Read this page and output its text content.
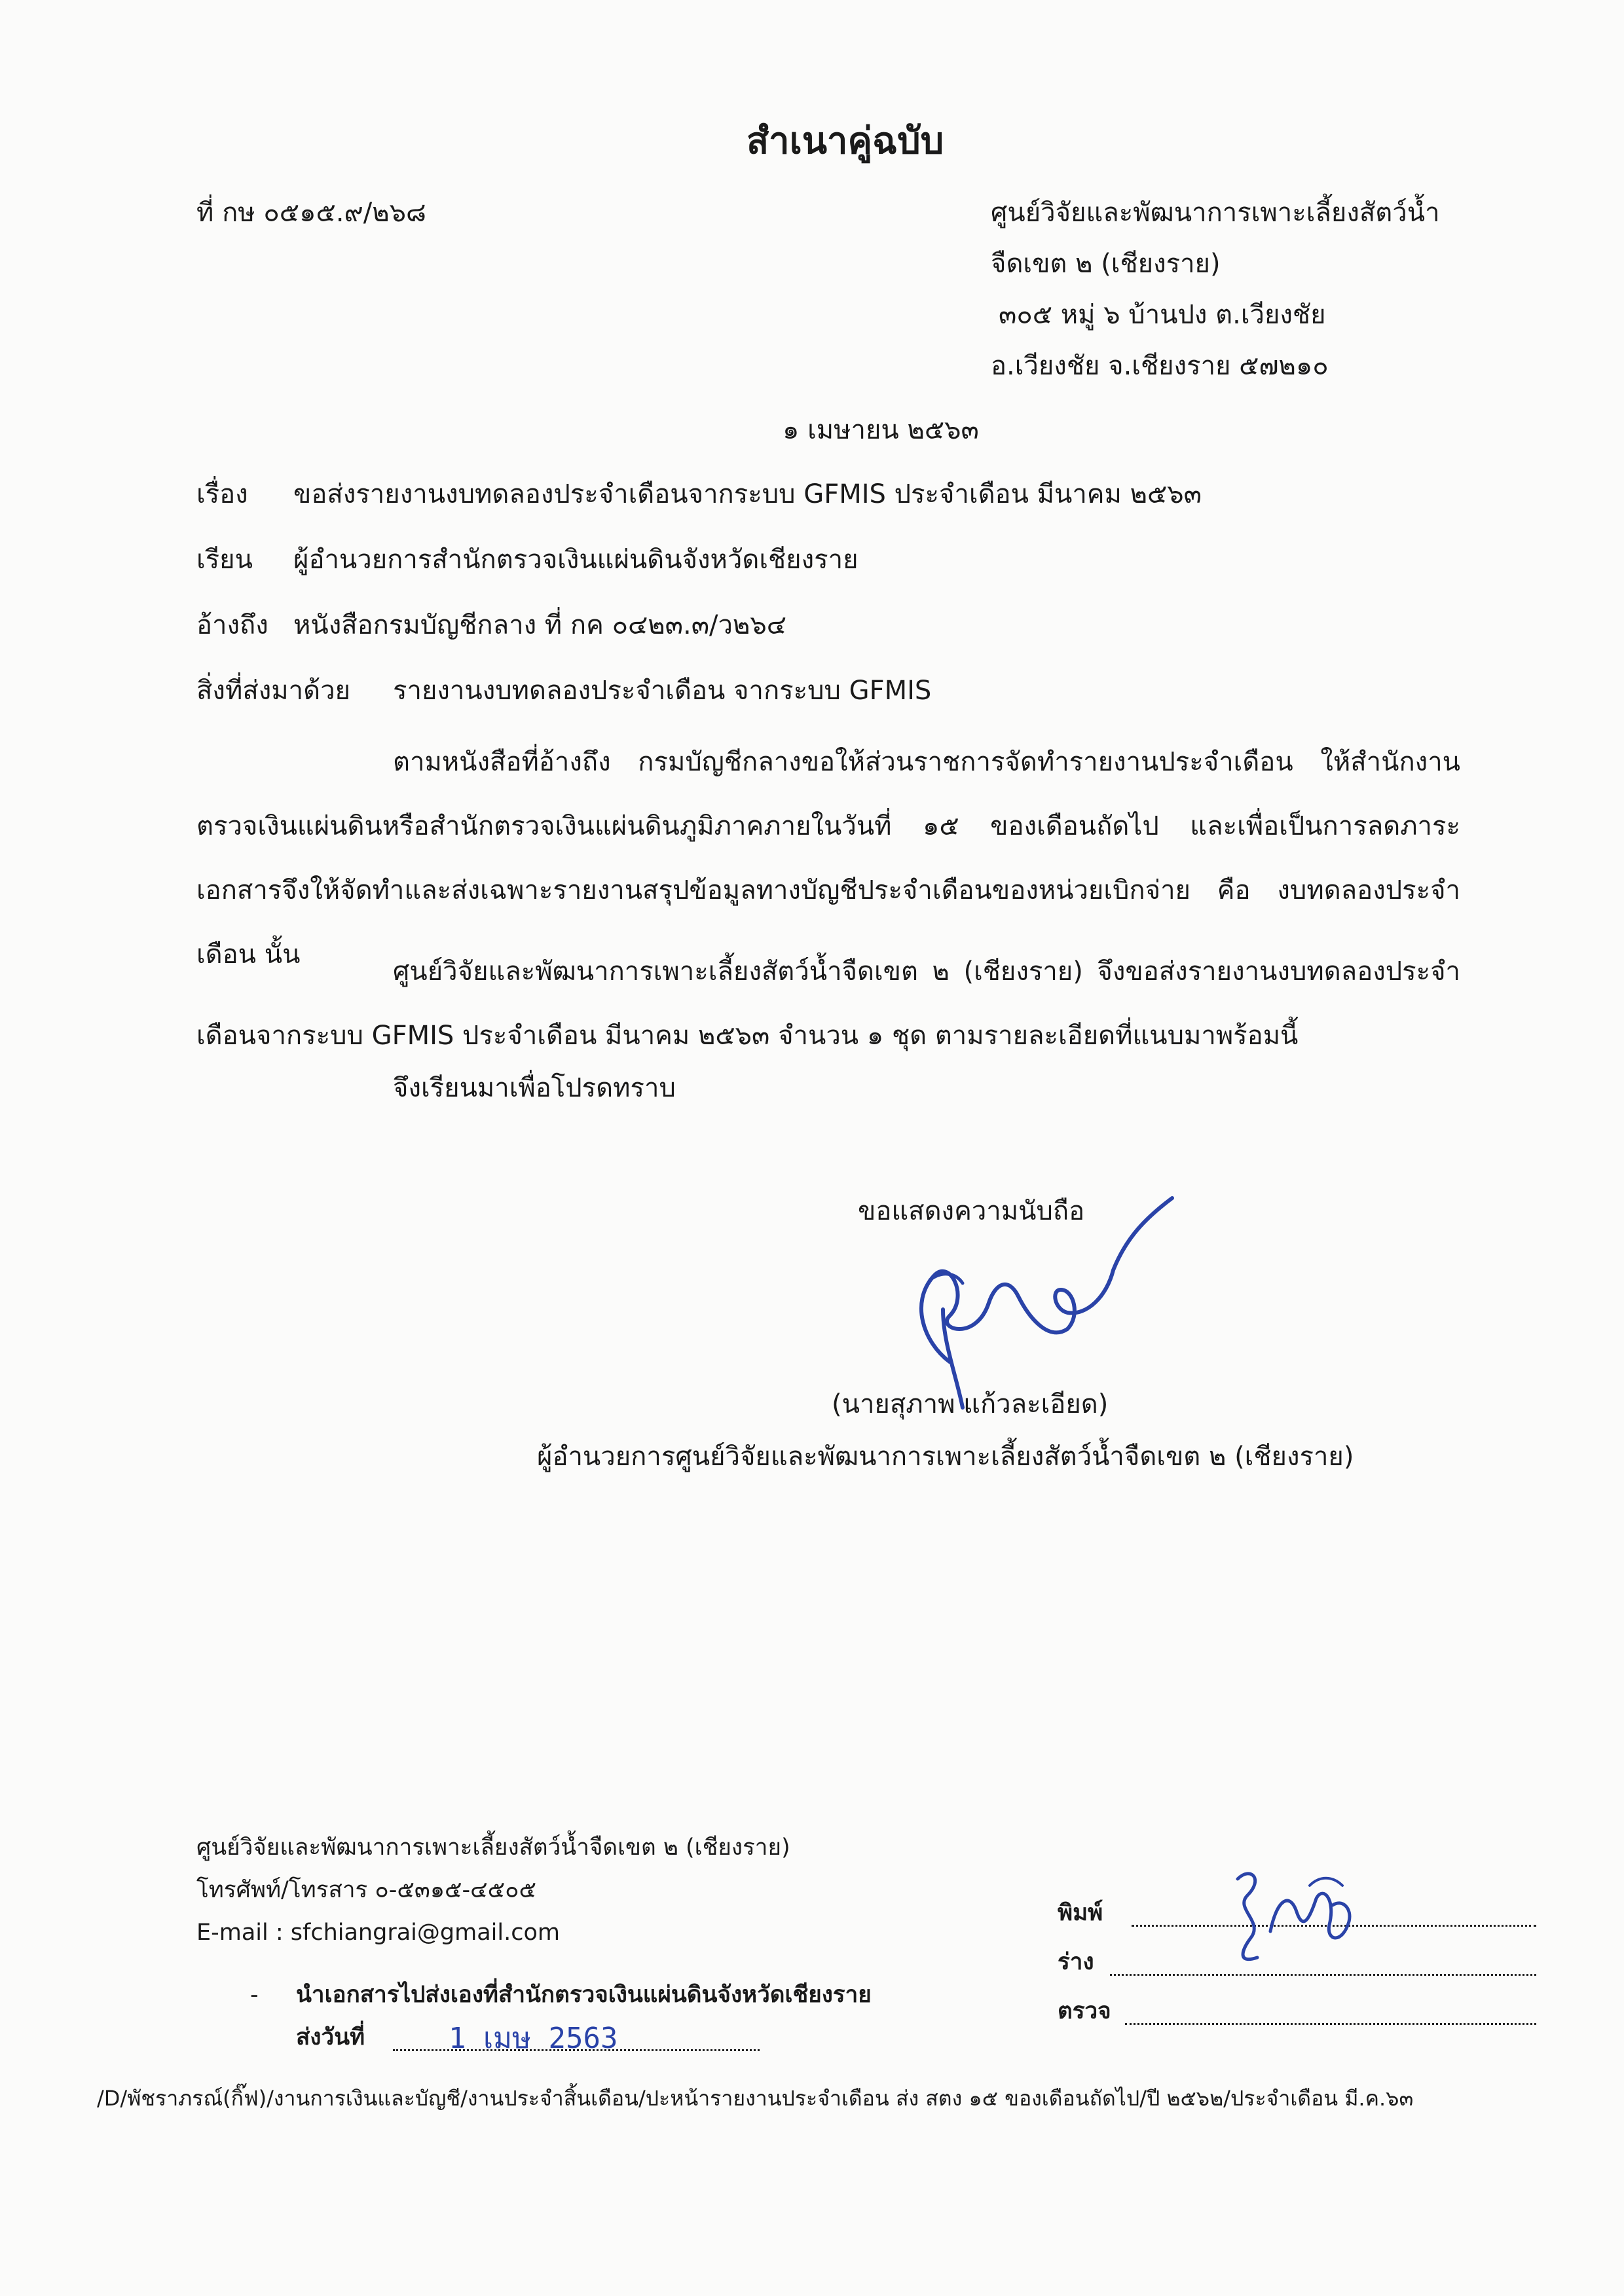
สำเนาคู่ฉบับ
ที่ กษ ๐๕๑๕.๙/๒๖๘	ศูนย์วิจัยและพัฒนาการเพาะเลี้ยงสัตว์น้ำ
จืดเขต ๒ (เชียงราย)
๓๐๕ หมู่ ๖ บ้านปง ต.เวียงชัย
อ.เวียงชัย จ.เชียงราย ๕๗๒๑๐
๑ เมษายน ๒๕๖๓
เรื่อง ขอส่งรายงานงบทดลองประจำเดือนจากระบบ GFMIS ประจำเดือน มีนาคม ๒๕๖๓
เรียน ผู้อำนวยการสำนักตรวจเงินแผ่นดินจังหวัดเชียงราย
อ้างถึง หนังสือกรมบัญชีกลาง ที่ กค ๐๔๒๓.๓/ว๒๖๔
สิ่งที่ส่งมาด้วย รายงานงบทดลองประจำเดือน จากระบบ GFMIS
ตามหนังสือที่อ้างถึง กรมบัญชีกลางขอให้ส่วนราชการจัดทำรายงานประจำเดือน ให้สำนักงานตรวจเงินแผ่นดินหรือสำนักตรวจเงินแผ่นดินภูมิภาคภายในวันที่ ๑๕ ของเดือนถัดไป และเพื่อเป็นการลดภาระเอกสารจึงให้จัดทำและส่งเฉพาะรายงานสรุปข้อมูลทางบัญชีประจำเดือนของหน่วยเบิกจ่าย คือ งบทดลองประจำเดือน นั้น
ศูนย์วิจัยและพัฒนาการเพาะเลี้ยงสัตว์น้ำจืดเขต ๒ (เชียงราย) จึงขอส่งรายงานงบทดลองประจำเดือนจากระบบ GFMIS ประจำเดือน มีนาคม ๒๕๖๓ จำนวน ๑ ชุด ตามรายละเอียดที่แนบมาพร้อมนี้
จึงเรียนมาเพื่อโปรดทราบ
ขอแสดงความนับถือ
(นายสุภาพ แก้วละเอียด)
ผู้อำนวยการศูนย์วิจัยและพัฒนาการเพาะเลี้ยงสัตว์น้ำจืดเขต ๒ (เชียงราย)
ศูนย์วิจัยและพัฒนาการเพาะเลี้ยงสัตว์น้ำจืดเขต ๒ (เชียงราย)
โทรศัพท์/โทรสาร ๐-๕๓๑๕-๔๕๐๕
E-mail : sfchiangrai@gmail.com
- นำเอกสารไปส่งเองที่สำนักตรวจเงินแผ่นดินจังหวัดเชียงราย
ส่งวันที่	1 เมษ 2563
พิมพ์
ร่าง
ตรวจ
/D/พัชราภรณ์(กิ๊ฟ)/งานการเงินและบัญชี/งานประจำสิ้นเดือน/ปะหน้ารายงานประจำเดือน ส่ง สตง ๑๕ ของเดือนถัดไป/ปี ๒๕๖๒/ประจำเดือน มี.ค.๖๓
